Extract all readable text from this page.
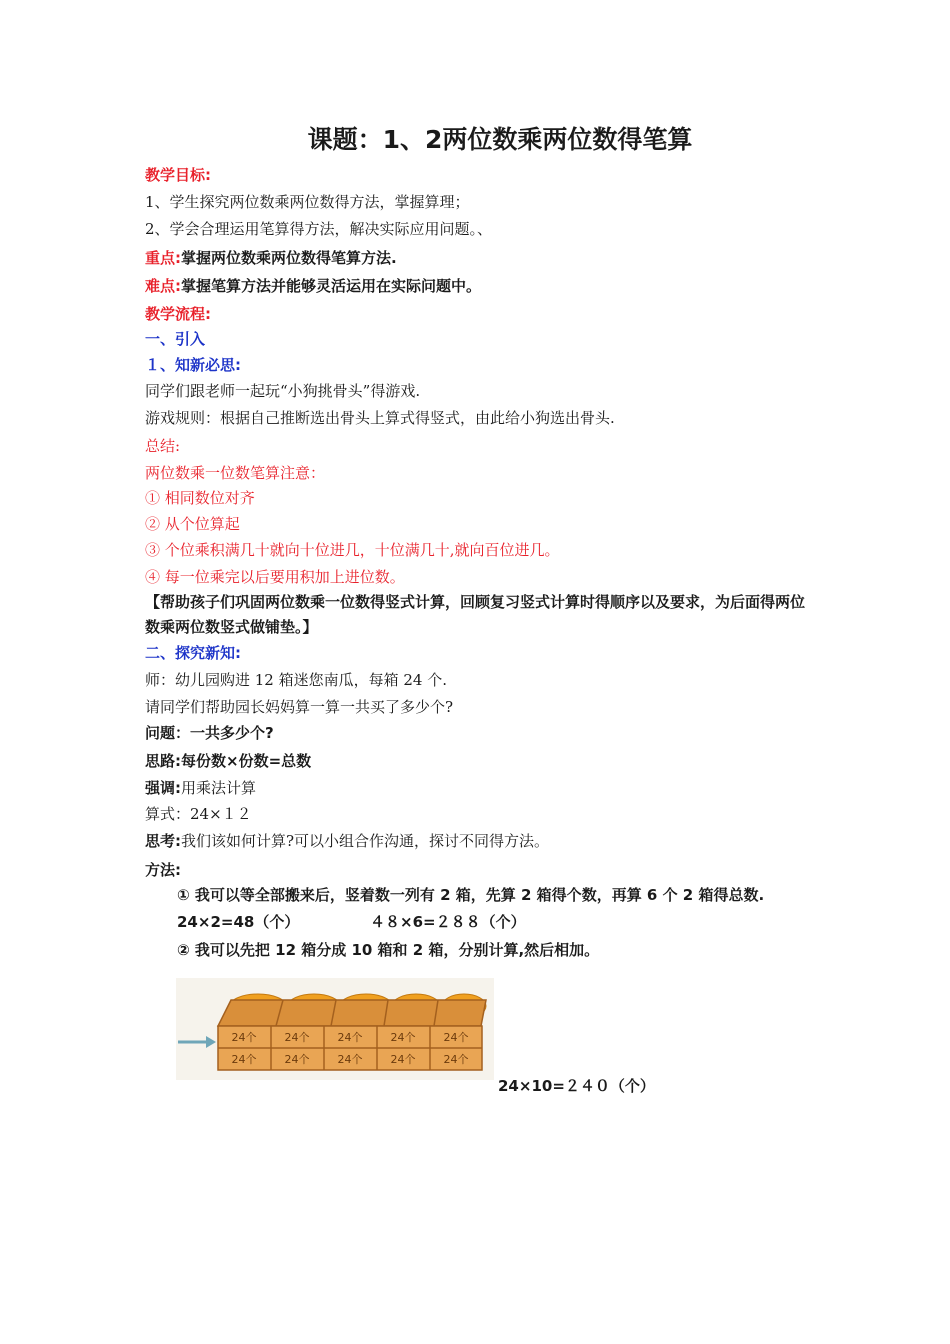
课题：1、2两位数乘两位数得笔算
教学目标:
1、学生探究两位数乘两位数得方法，掌握算理；
2、学会合理运用笔算得方法，解决实际应用问题。、
重点:掌握两位数乘两位数得笔算方法.
难点:掌握笔算方法并能够灵活运用在实际问题中。
教学流程:
一、引入
１、知新必思:
同学们跟老师一起玩“小狗挑骨头”得游戏.
游戏规则：根据自己推断选出骨头上算式得竖式，由此给小狗选出骨头.
总结:
两位数乘一位数笔算注意：
① 相同数位对齐
② 从个位算起
③ 个位乘积满几十就向十位进几，十位满几十,就向百位进几。
④ 每一位乘完以后要用积加上进位数。
【帮助孩子们巩固两位数乘一位数得竖式计算，回顾复习竖式计算时得顺序以及要求，为后面得两位数乘两位数竖式做铺垫。】
二、探究新知:
师：幼儿园购进 12 箱迷您南瓜，每箱 24 个.
请同学们帮助园长妈妈算一算一共买了多少个?
问题：一共多少个?
思路:每份数×份数=总数
强调:用乘法计算
算式：24×１２
思考:我们该如何计算?可以小组合作沟通，探讨不同得方法。
方法:
① 我可以等全部搬来后，竖着数一列有 2 箱，先算 2 箱得个数，再算 6 个 2 箱得总数.
24×2=48（个）	４８×6=２８８（个）
② 我可以先把 12 箱分成 10 箱和 2 箱，分别计算,然后相加。
24个	24个	24个	24个	24个
24个	24个	24个	24个	24个
24×10=２４０（个）
